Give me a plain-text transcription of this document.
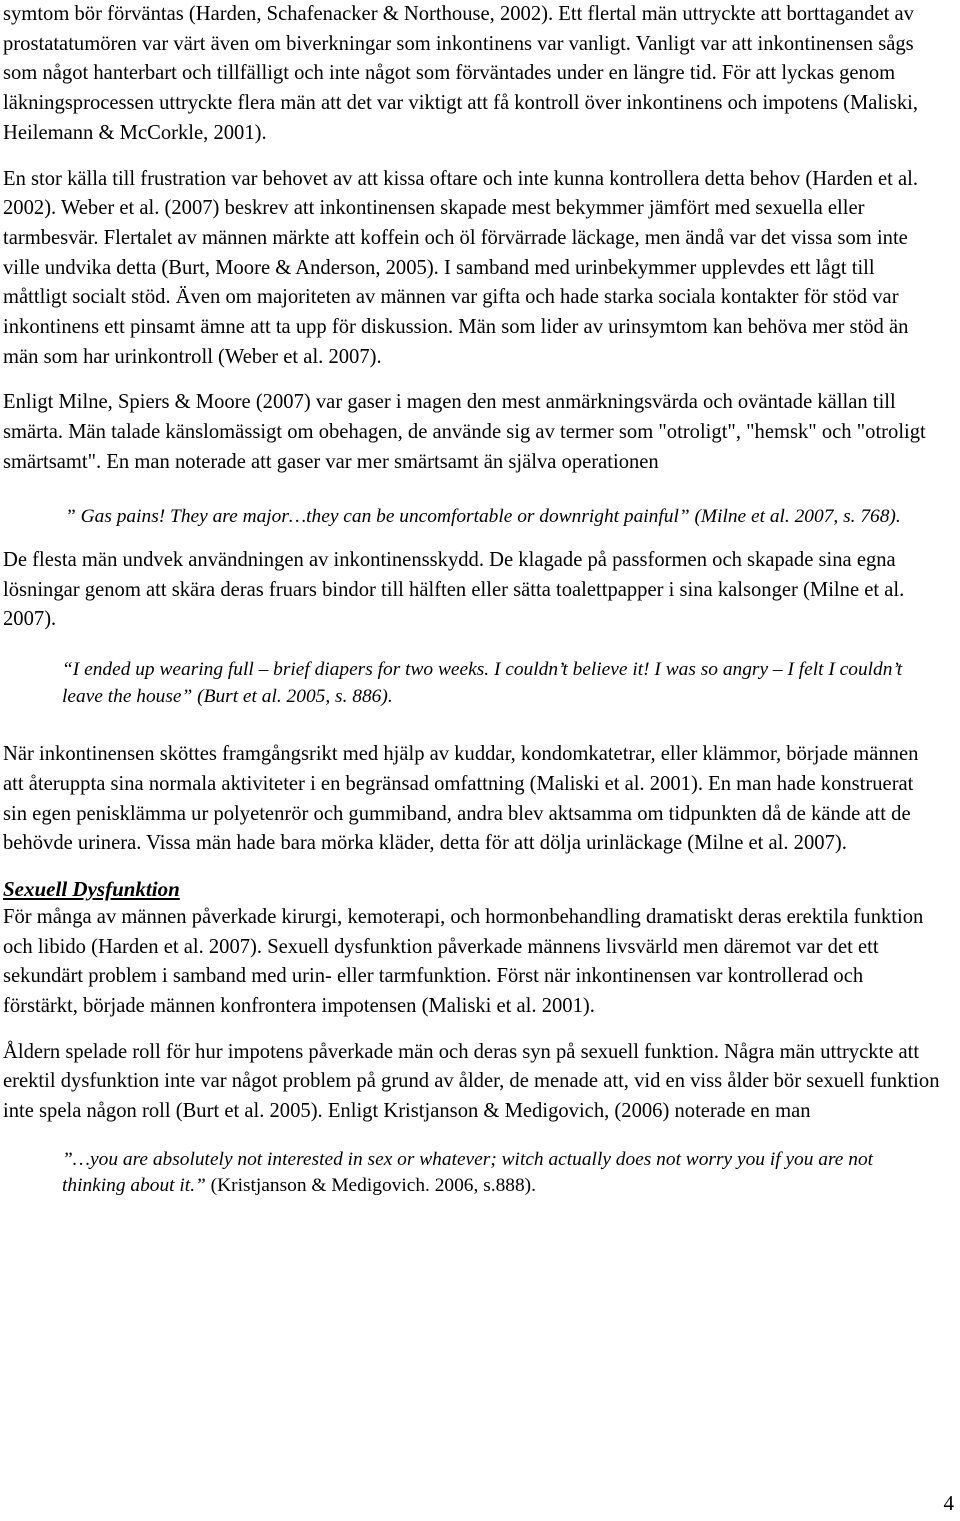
symtom bör förväntas (Harden, Schafenacker & Northouse, 2002). Ett flertal män uttryckte att borttagandet av prostatatumören var värt även om biverkningar som inkontinens var vanligt. Vanligt var att inkontinensen sågs som något hanterbart och tillfälligt och inte något som förväntades under en längre tid. För att lyckas genom läkningsprocessen uttryckte flera män att det var viktigt att få kontroll över inkontinens och impotens (Maliski, Heilemann & McCorkle, 2001).

En stor källa till frustration var behovet av att kissa oftare och inte kunna kontrollera detta behov (Harden et al. 2002). Weber et al. (2007) beskrev att inkontinensen skapade mest bekymmer jämfört med sexuella eller tarmbesvär. Flertalet av männen märkte att koffein och öl förvärrade läckage, men ändå var det vissa som inte ville undvika detta (Burt, Moore & Anderson, 2005). I samband med urinbekymmer upplevdes ett lågt till måttligt socialt stöd. Även om majoriteten av männen var gifta och hade starka sociala kontakter för stöd var inkontinens ett pinsamt ämne att ta upp för diskussion. Män som lider av urinsymtom kan behöva mer stöd än män som har urinkontroll (Weber et al. 2007).

Enligt Milne, Spiers & Moore (2007) var gaser i magen den mest anmärkningsvärda och oväntade källan till smärta. Män talade känslomässigt om obehagen, de använde sig av termer som "otroligt", "hemsk" och "otroligt smärtsamt". En man noterade att gaser var mer smärtsamt än själva operationen

” Gas pains! They are major…they can be uncomfortable or downright painful” (Milne et al. 2007, s. 768).

De flesta män undvek användningen av inkontinensskydd. De klagade på passformen och skapade sina egna lösningar genom att skära deras fruars bindor till hälften eller sätta toalettpapper i sina kalsonger (Milne et al. 2007).

“I ended up wearing full – brief diapers for two weeks. I couldn’t believe it! I was so angry – I felt I couldn’t leave the house” (Burt et al. 2005, s. 886).

När inkontinensen sköttes framgångsrikt med hjälp av kuddar, kondomkatetrar, eller klämmor, började männen att återuppta sina normala aktiviteter i en begränsad omfattning (Maliski et al. 2001). En man hade konstruerat sin egen penisklämma ur polyetenrör och gummiband, andra blev aktsamma om tidpunkten då de kände att de behövde urinera. Vissa män hade bara mörka kläder, detta för att dölja urinläckage (Milne et al. 2007).

Sexuell Dysfunktion

För många av männen påverkade kirurgi, kemoterapi, och hormonbehandling dramatiskt deras erektila funktion och libido (Harden et al. 2007). Sexuell dysfunktion påverkade männens livsvärld men däremot var det ett sekundärt problem i samband med urin- eller tarmfunktion. Först när inkontinensen var kontrollerad och förstärkt, började männen konfrontera impotensen (Maliski et al. 2001).

Åldern spelade roll för hur impotens påverkade män och deras syn på sexuell funktion. Några män uttryckte att erektil dysfunktion inte var något problem på grund av ålder, de menade att, vid en viss ålder bör sexuell funktion inte spela någon roll (Burt et al. 2005). Enligt Kristjanson & Medigovich, (2006) noterade en man

”…you are absolutely not interested in sex or whatever; witch actually does not worry you if you are not thinking about it.” (Kristjanson & Medigovich. 2006, s.888).

4
